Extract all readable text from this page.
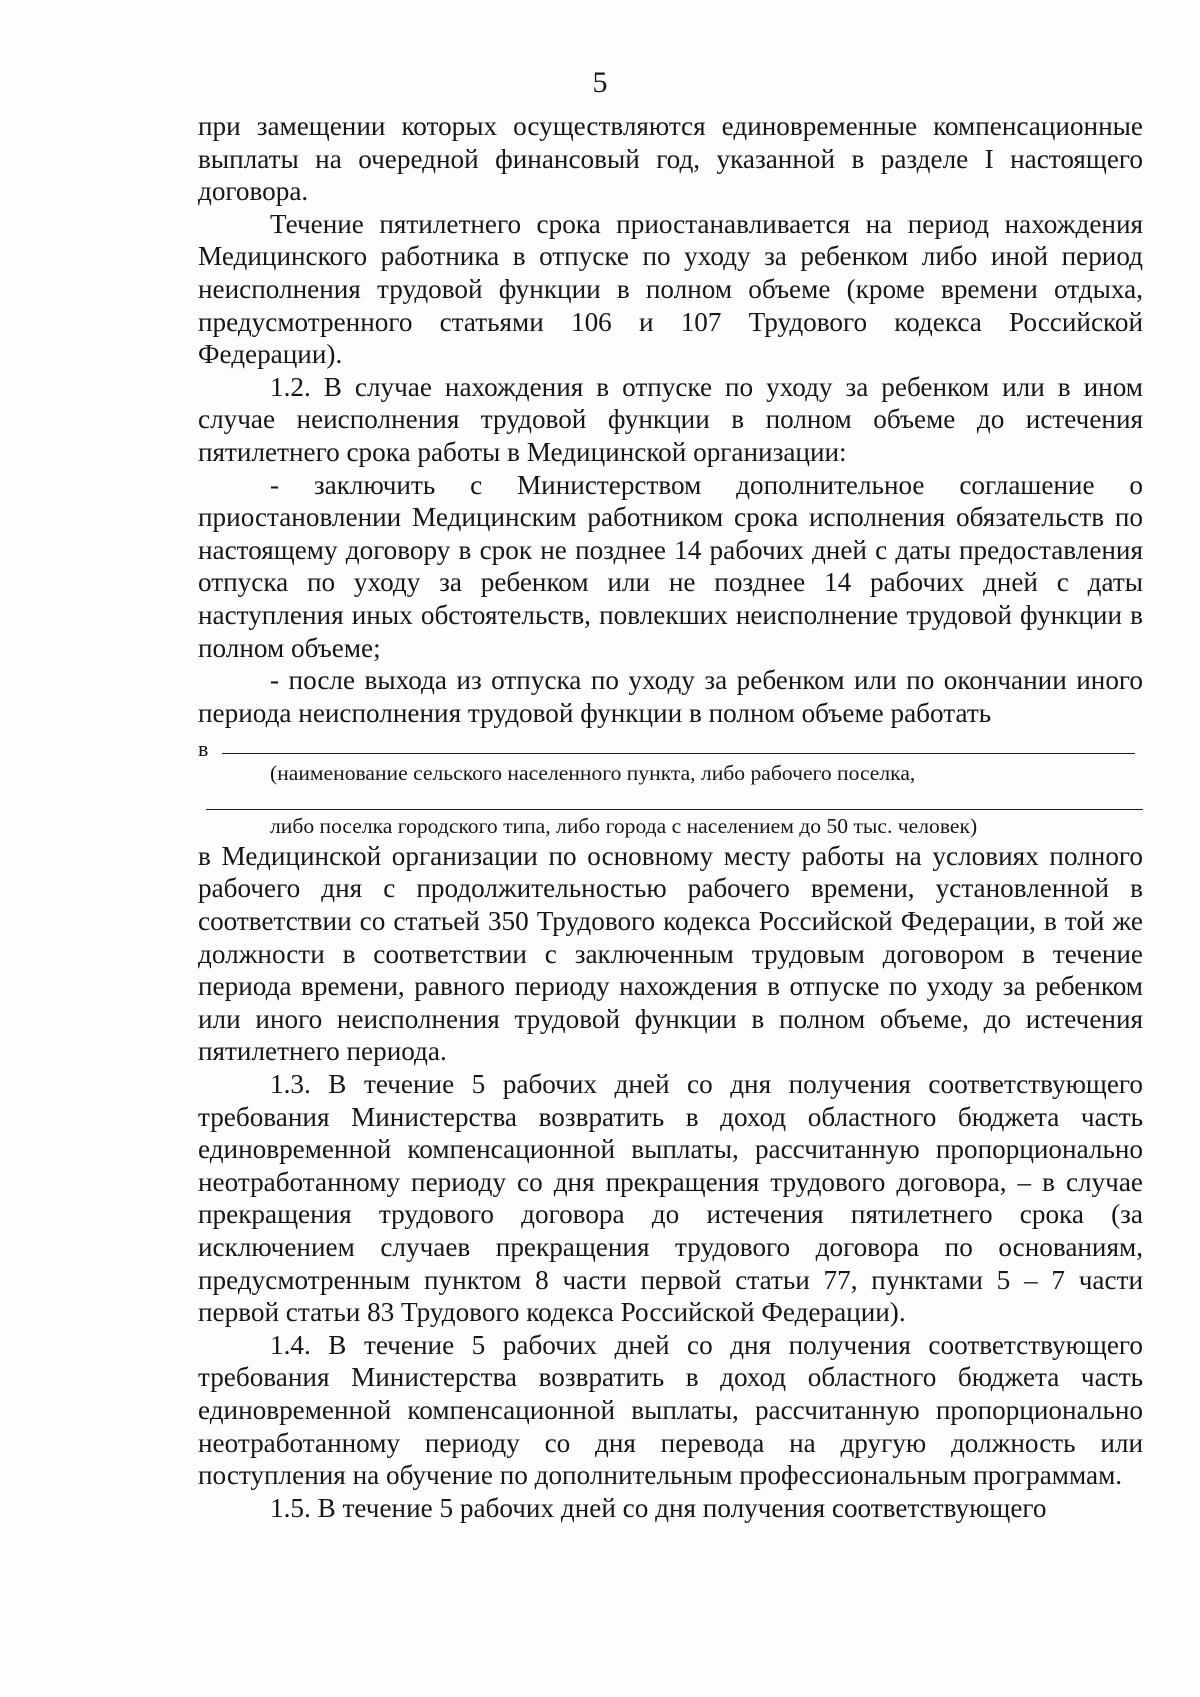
5

при замещении которых осуществляются единовременные компенсационные выплаты на очередной финансовый год, указанной в разделе I настоящего договора.

Течение пятилетнего срока приостанавливается на период нахождения Медицинского работника в отпуске по уходу за ребенком либо иной период неисполнения трудовой функции в полном объеме (кроме времени отдыха, предусмотренного статьями 106 и 107 Трудового кодекса Российской Федерации).

1.2. В случае нахождения в отпуске по уходу за ребенком или в ином случае неисполнения трудовой функции в полном объеме до истечения пятилетнего срока работы в Медицинской организации:

- заключить с Министерством дополнительное соглашение о приостановлении Медицинским работником срока исполнения обязательств по настоящему договору в срок не позднее 14 рабочих дней с даты предоставления отпуска по уходу за ребенком или не позднее 14 рабочих дней с даты наступления иных обстоятельств, повлекших неисполнение трудовой функции в полном объеме;

- после выхода из отпуска по уходу за ребенком или по окончании иного периода неисполнения трудовой функции в полном объеме работать

в

(наименование сельского населенного пункта, либо рабочего поселка,

либо поселка городского типа, либо города с населением до 50 тыс. человек)

в Медицинской организации по основному месту работы на условиях полного рабочего дня с продолжительностью рабочего времени, установленной в соответствии со статьей 350 Трудового кодекса Российской Федерации, в той же должности в соответствии с заключенным трудовым договором в течение периода времени, равного периоду нахождения в отпуске по уходу за ребенком или иного неисполнения трудовой функции в полном объеме, до истечения пятилетнего периода.

1.3. В течение 5 рабочих дней со дня получения соответствующего требования Министерства возвратить в доход областного бюджета часть единовременной компенсационной выплаты, рассчитанную пропорционально неотработанному периоду со дня прекращения трудового договора, – в случае прекращения трудового договора до истечения пятилетнего срока (за исключением случаев прекращения трудового договора по основаниям, предусмотренным пунктом 8 части первой статьи 77, пунктами 5 – 7 части первой статьи 83 Трудового кодекса Российской Федерации).

1.4. В течение 5 рабочих дней со дня получения соответствующего требования Министерства возвратить в доход областного бюджета часть единовременной компенсационной выплаты, рассчитанную пропорционально неотработанному периоду со дня перевода на другую должность или поступления на обучение по дополнительным профессиональным программам.

1.5. В течение 5 рабочих дней со дня получения соответствующего
